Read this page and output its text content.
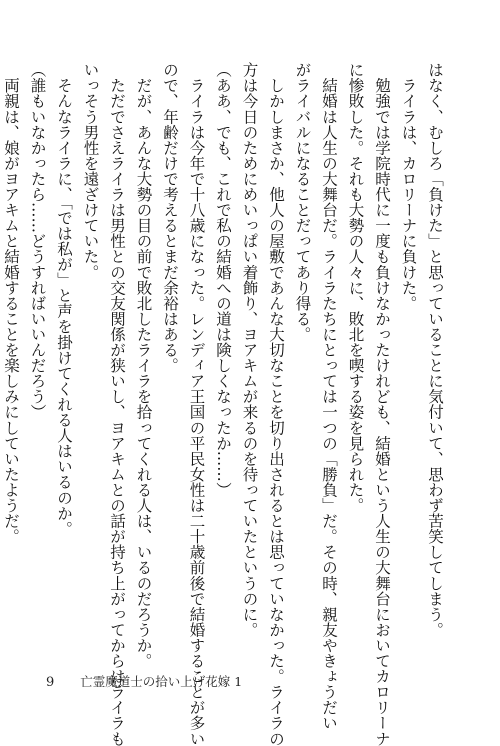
はなく、むしろ「負けた」と思っていることに気付いて、思わず苦笑してしまう。
　ライラは、カロリーナに負けた。
　勉強では学院時代に一度も負けなかったけれども、結婚という人生の大舞台においてカロリーナ
に惨敗した。それも大勢の人々に、敗北を喫する姿を見られた。
　結婚は人生の大舞台だ。ライラたちにとっては一つの「勝負」だ。その時、親友やきょうだい
がライバルになることだってあり得る。
　しかしまさか、他人の屋敷であんな大切なことを切り出されるとは思っていなかった。ライラの
方は今日のためにめいっぱい着飾り、ヨアキムが来るのを待っていたというのに。
（ああ、でも、これで私の結婚への道は険しくなったか……）
　ライラは今年で十八歳になった。レンディア王国の平民女性は二十歳前後で結婚することが多い
ので、年齢だけで考えるとまだ余裕はある。
　だが、あんな大勢の目の前で敗北したライラを拾ってくれる人は、いるのだろうか。
　ただでさえライラは男性との交友関係が狭いし、ヨアキムとの話が持ち上がってからはライラも
いっそう男性を遠ざけていた。
　そんなライラに、「では私が」と声を掛けてくれる人はいるのか。
（誰もいなかったら……どうすればいいんだろう）
　両親は、娘がヨアキムと結婚することを楽しみにしていたようだ。
9 亡霊魔道士の拾い上げ花嫁 1
